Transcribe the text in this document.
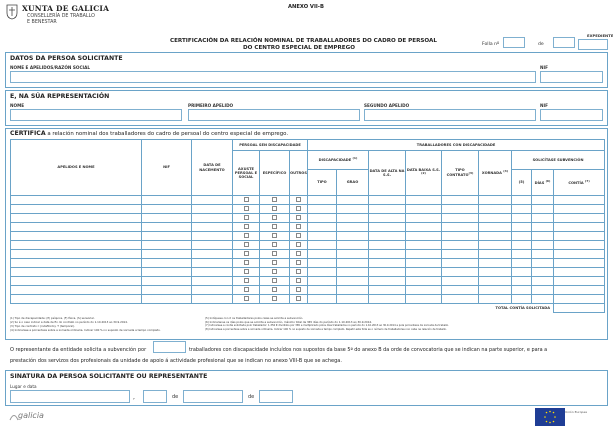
XUNTA DE GALICIA
CONSELLERÍA DE TRABALLO
E BENESTAR
ANEXO VII-B
CERTIFICACIÓN DA RELACIÓN NOMINAL DE TRABALLADORES DO CADRO DE PERSOAL
DO CENTRO ESPECIAL DE EMPREGO
Folla nº	de
EXPEDIENTE
DATOS DA PERSOA SOLICITANTE
NOME E APELIDOS/RAZÓN SOCIAL	NIF
E, NA SÚA REPRESENTACIÓN
NOME	PRIMEIRO APELIDO	SEGUNDO APELIDO	NIF
CERTIFICA a relación nominal dos traballadores do cadro de persoal do centro especial de emprego.
APELIDOS E NOME	NIF	DATA DE NACEMENTO	PERSOAL SEN DISCAPACIDADE			TRABALLADORES CON DISCAPACIDADE								
			AXUSTE PERSOAL E SOCIAL	ESPECÍFICO	OUTROS	DISCAPACIDADE $^{(1)}$		DATA DE ALTA NA S.S.	DATA BAIXA S.S.$^{(2)}$	TIPO CONTRATO$^{(3)}$	XORNADA $^{(4)}$	SOLICÍTASE SUBVENCIÓN		
						TIPO	GRAO					(5)	DÍAS $^{(6)}$	CONTÍA $^{(7)}$

TOTAL CONTÍA SOLICITADA														
(1) Tipo de discapacidade: (P) psíquica, (F) física, (S) sensorial.
(2) So é o caso indicar a data de fin do contrato no período do 1.10.2013 ao 30.9.2014.
(3) Tipo de contrato: I (indefinido), T (temporal).
(4) Indicarase a porcentaxe sobre a xornada ordinaria. Indicar 100 % no suposto de xornada a tempo completo.
(5) Indíquese con X os traballadores polos cales se solicita a subvención.
(6) Indicaranse os días polos que se solicita a subvención, máximo total de 365 días do período do 1.10.2013 ao 30.9.2014.
(7) Indicarase a contía solicitada polo traballador: 1.350 € divididos por 365 e multiplicado polos días traballados no período do 1.10.2013 ao 30.9.2014 e pola porcentaxe da xornada de traballo.
(8) Indicarase a porcentaxe sobre a xornada ordinaria. Indicar 100 % no suposto de xornada a tempo completo. Repetir esta folla se o número de traballadores non cabe na relación de traballo.
O representante da entidade solicita a subvención por	traballadores con discapacidade incluídos nos supostos da base 5ª do anexo B da orde de convocatoria que se indican na parte superior, e para a
prestación dos servizos dos profesionais da unidade de apoio á actividade profesional que se indican no anexo VIII-B que se achega.
SINATURA DA PERSOA SOLICITANTE OU REPRESENTANTE
Lugar e data
,	de	de
galicia	Unión Europea
